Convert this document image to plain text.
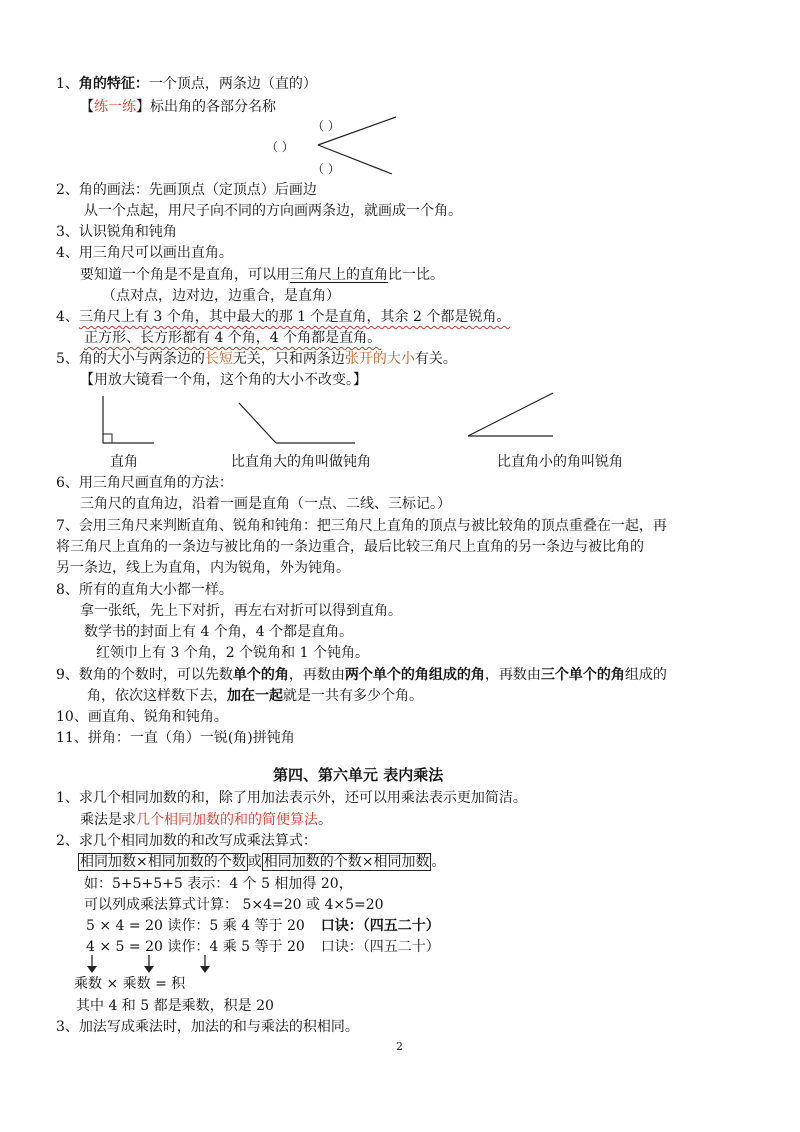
1、角的特征：一个顶点，两条边（直的）
【练一练】标出角的各部分名称
（ ）
（ ）
（ ）
2、角的画法：先画顶点（定顶点）后画边
从一个点起，用尺子向不同的方向画两条边，就画成一个角。
3、认识锐角和钝角
4、用三角尺可以画出直角。
要知道一个角是不是直角，可以用三角尺上的直角比一比。
（点对点，边对边，边重合，是直角）
4、三角尺上有 3 个角，其中最大的那 1 个是直角，其余 2 个都是锐角。
正方形、长方形都有 4 个角，4 个角都是直角。
5、角的大小与两条边的长短无关，只和两条边张开的大小有关。
【用放大镜看一个角，这个角的大小不改变。】
直角	比直角大的角叫做钝角	比直角小的角叫锐角
6、用三角尺画直角的方法：
三角尺的直角边，沿着一画是直角（一点、二线、三标记。）
7、会用三角尺来判断直角、锐角和钝角：把三角尺上直角的顶点与被比较角的顶点重叠在一起，再
将三角尺上直角的一条边与被比角的一条边重合，最后比较三角尺上直角的另一条边与被比角的
另一条边，线上为直角，内为锐角，外为钝角。
8、所有的直角大小都一样。
拿一张纸，先上下对折，再左右对折可以得到直角。
数学书的封面上有 4 个角，4 个都是直角。
红领巾上有 3 个角，2 个锐角和 1 个钝角。
9、数角的个数时，可以先数单个的角，再数由两个单个的角组成的角，再数由三个单个的角组成的
角，依次这样数下去，加在一起就是一共有多少个角。
10、画直角、锐角和钝角。
11、拼角：一直（角）一锐(角)拼钝角
第四、第六单元 表内乘法
1、求几个相同加数的和，除了用加法表示外，还可以用乘法表示更加简洁。
乘法是求几个相同加数的和的简便算法。
2、求几个相同加数的和改写成乘法算式：
相同加数×相同加数的个数 或 相同加数的个数×相同加数 。
如：5+5+5+5 表示：4 个 5 相加得 20，
可以列成乘法算式计算： 5×4=20 或 4×5=20
5 × 4 = 20 读作：5 乘 4 等于 20 口诀：（四五二十）
4 × 5 = 20 读作：4 乘 5 等于 20 口诀：（四五二十）
乘数 × 乘数 = 积
其中 4 和 5 都是乘数，积是 20
3、加法写成乘法时，加法的和与乘法的积相同。
2
